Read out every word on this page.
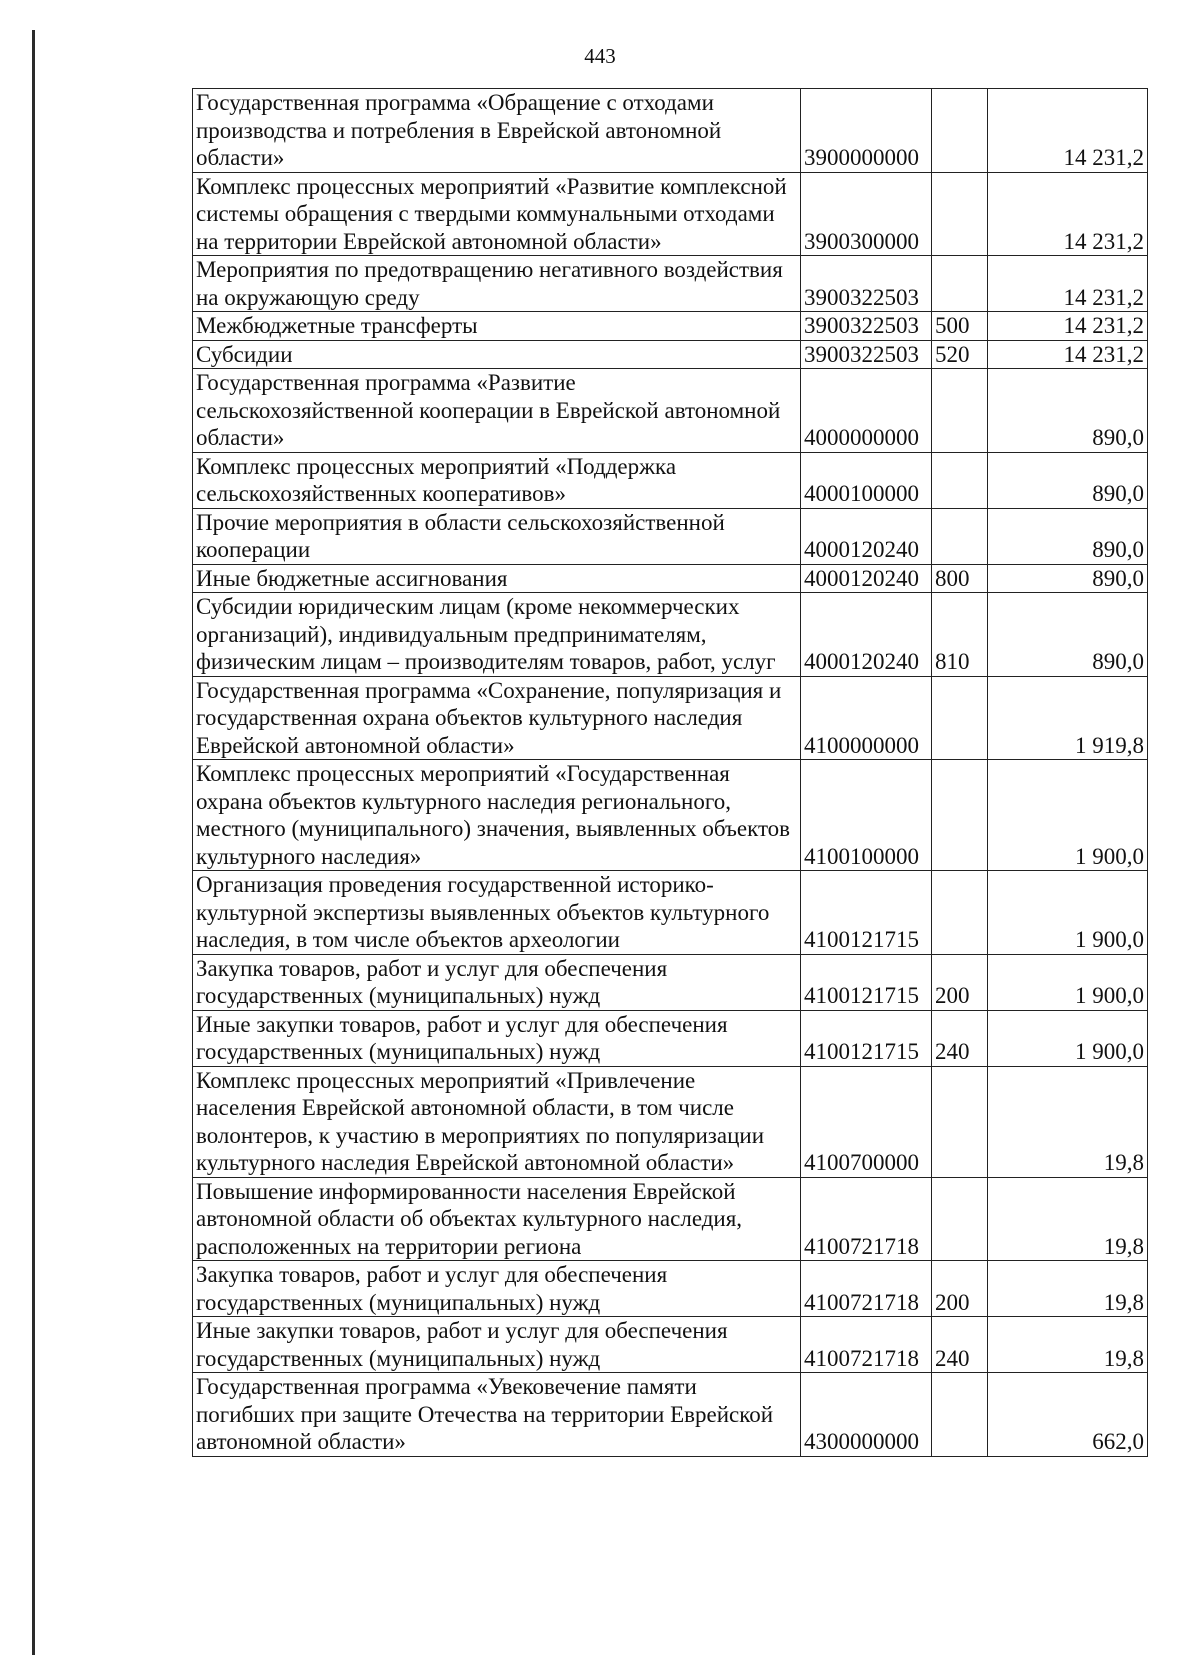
443
Государственная программа «Обращение с отходами производства и потребления в Еврейской автономной области»	3900000000		14 231,2
Комплекс процессных мероприятий «Развитие комплексной системы обращения с твердыми коммунальными отходами на территории Еврейской автономной области»	3900300000		14 231,2
Мероприятия по предотвращению негативного воздействия на окружающую среду	3900322503		14 231,2
Межбюджетные трансферты	3900322503	500	14 231,2
Субсидии	3900322503	520	14 231,2
Государственная программа «Развитие сельскохозяйственной кооперации в Еврейской автономной области»	4000000000		890,0
Комплекс процессных мероприятий «Поддержка сельскохозяйственных кооперативов»	4000100000		890,0
Прочие мероприятия в области сельскохозяйственной кооперации	4000120240		890,0
Иные бюджетные ассигнования	4000120240	800	890,0
Субсидии юридическим лицам (кроме некоммерческих организаций), индивидуальным предпринимателям, физическим лицам – производителям товаров, работ, услуг	4000120240	810	890,0
Государственная программа «Сохранение, популяризация и государственная охрана объектов культурного наследия Еврейской автономной области»	4100000000		1 919,8
Комплекс процессных мероприятий «Государственная охрана объектов культурного наследия регионального, местного (муниципального) значения, выявленных объектов культурного наследия»	4100100000		1 900,0
Организация проведения государственной историко-культурной экспертизы выявленных объектов культурного наследия, в том числе объектов археологии	4100121715		1 900,0
Закупка товаров, работ и услуг для обеспечения государственных (муниципальных) нужд	4100121715	200	1 900,0
Иные закупки товаров, работ и услуг для обеспечения государственных (муниципальных) нужд	4100121715	240	1 900,0
Комплекс процессных мероприятий «Привлечение населения Еврейской автономной области, в том числе волонтеров, к участию в мероприятиях по популяризации культурного наследия Еврейской автономной области»	4100700000		19,8
Повышение информированности населения Еврейской автономной области об объектах культурного наследия, расположенных на территории региона	4100721718		19,8
Закупка товаров, работ и услуг для обеспечения государственных (муниципальных) нужд	4100721718	200	19,8
Иные закупки товаров, работ и услуг для обеспечения государственных (муниципальных) нужд	4100721718	240	19,8
Государственная программа «Увековечение памяти погибших при защите Отечества на территории Еврейской автономной области»	4300000000		662,0
